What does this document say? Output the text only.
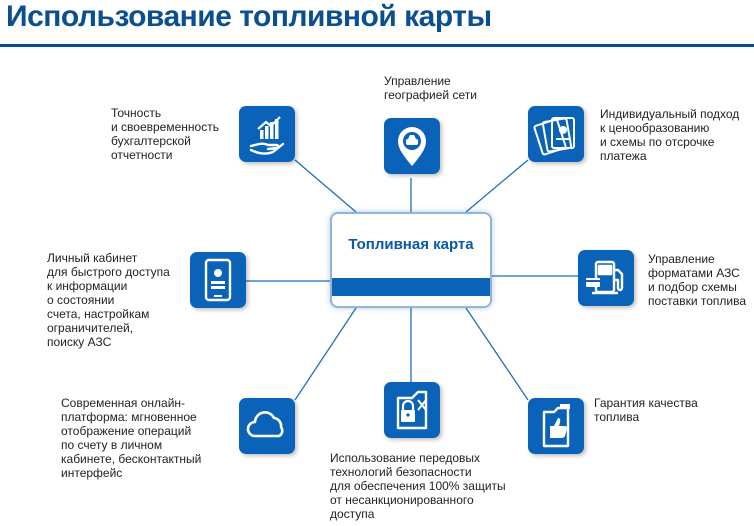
Использование топливной карты
Топливная карта
Точность
и своевременность
бухгалтерской
отчетности
Управление
географией сети
Индивидуальный подход
к ценообразованию
и схемы по отсрочке
платежа
Управление
форматами АЗС
и подбор схемы
поставки топлива
Гарантия качества
топлива
Использование передовых
технологий безопасности
для обеспечения 100% защиты
от несанкционированного
доступа
Современная онлайн-
платформа: мгновенное
отображение операций
по счету в личном
кабинете, бесконтактный
интерфейс
Личный кабинет
для быстрого доступа
к информации
о состоянии
счета, настройкам
ограничителей,
поиску АЗС
